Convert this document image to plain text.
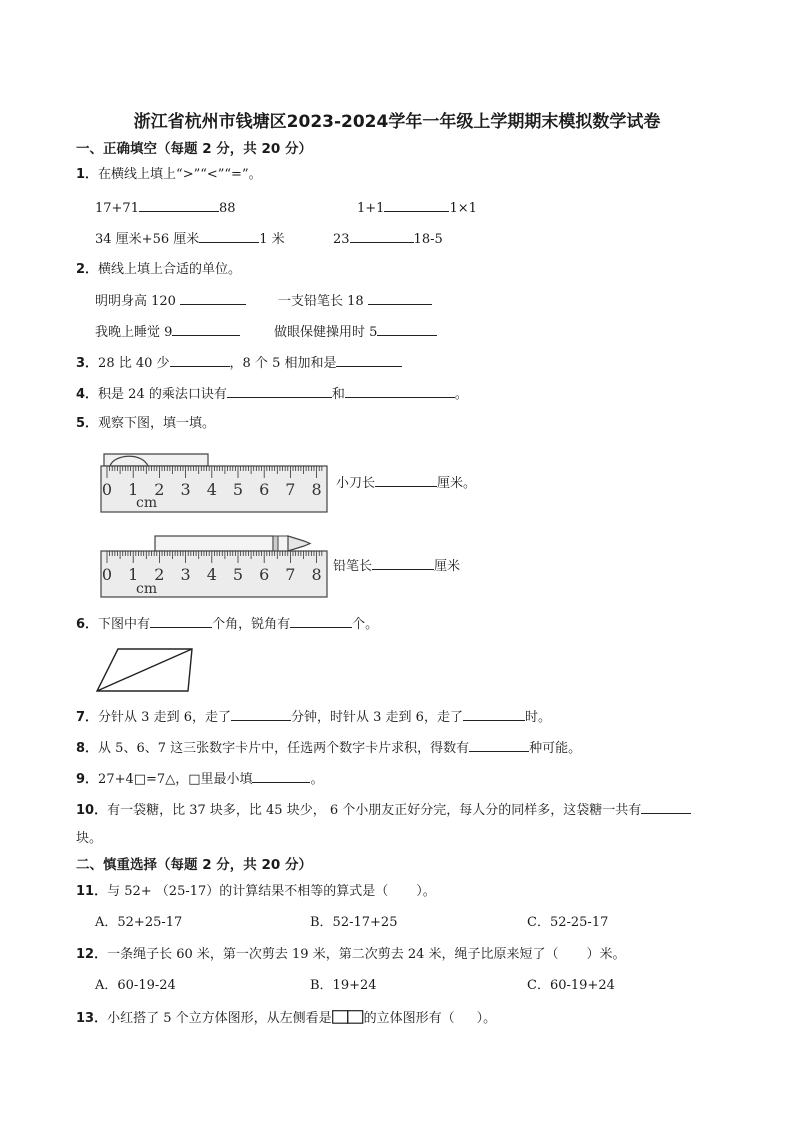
浙江省杭州市钱塘区2023-2024学年一年级上学期期末模拟数学试卷
一、正确填空（每题 2 分，共 20 分）
1．在横线上填上“>”“<”“=”。
17+71	88	1+1	1×1
34 厘米+56 厘米	1 米	23	18-5
2．横线上填上合适的单位。
明明身高 120	一支铅笔长 18
我晚上睡觉 9	做眼保健操用时 5
3．28 比 40 少	，8 个 5 相加和是
4．积是 24 的乘法口诀有	和	。
5．观察下图，填一填。
0 1 2 3 4 5 6 7 8
cm
小刀长	厘米。
0 1 2 3 4 5 6 7 8
cm
铅笔长	厘米
6．下图中有	个角，锐角有	个。
7．分针从 3 走到 6，走了	分钟，时针从 3 走到 6，走了	时。
8．从 5、6、7 这三张数字卡片中，任选两个数字卡片求积，得数有	种可能。
9．27+4□=7△，□里最小填	。
10．有一袋糖，比 37 块多，比 45 块少， 6 个小朋友正好分完，每人分的同样多，这袋糖一共有
块。
二、慎重选择（每题 2 分，共 20 分）
11．与 52+ （25-17）的计算结果不相等的算式是（ ）。
A．52+25-17	B．52-17+25	C．52-25-17
12．一条绳子长 60 米，第一次剪去 19 米，第二次剪去 24 米，绳子比原来短了（ ）米。
A．60-19-24	B．19+24	C．60-19+24
13．小红搭了 5 个立方体图形，从左侧看是 的立体图形有（ ）。
